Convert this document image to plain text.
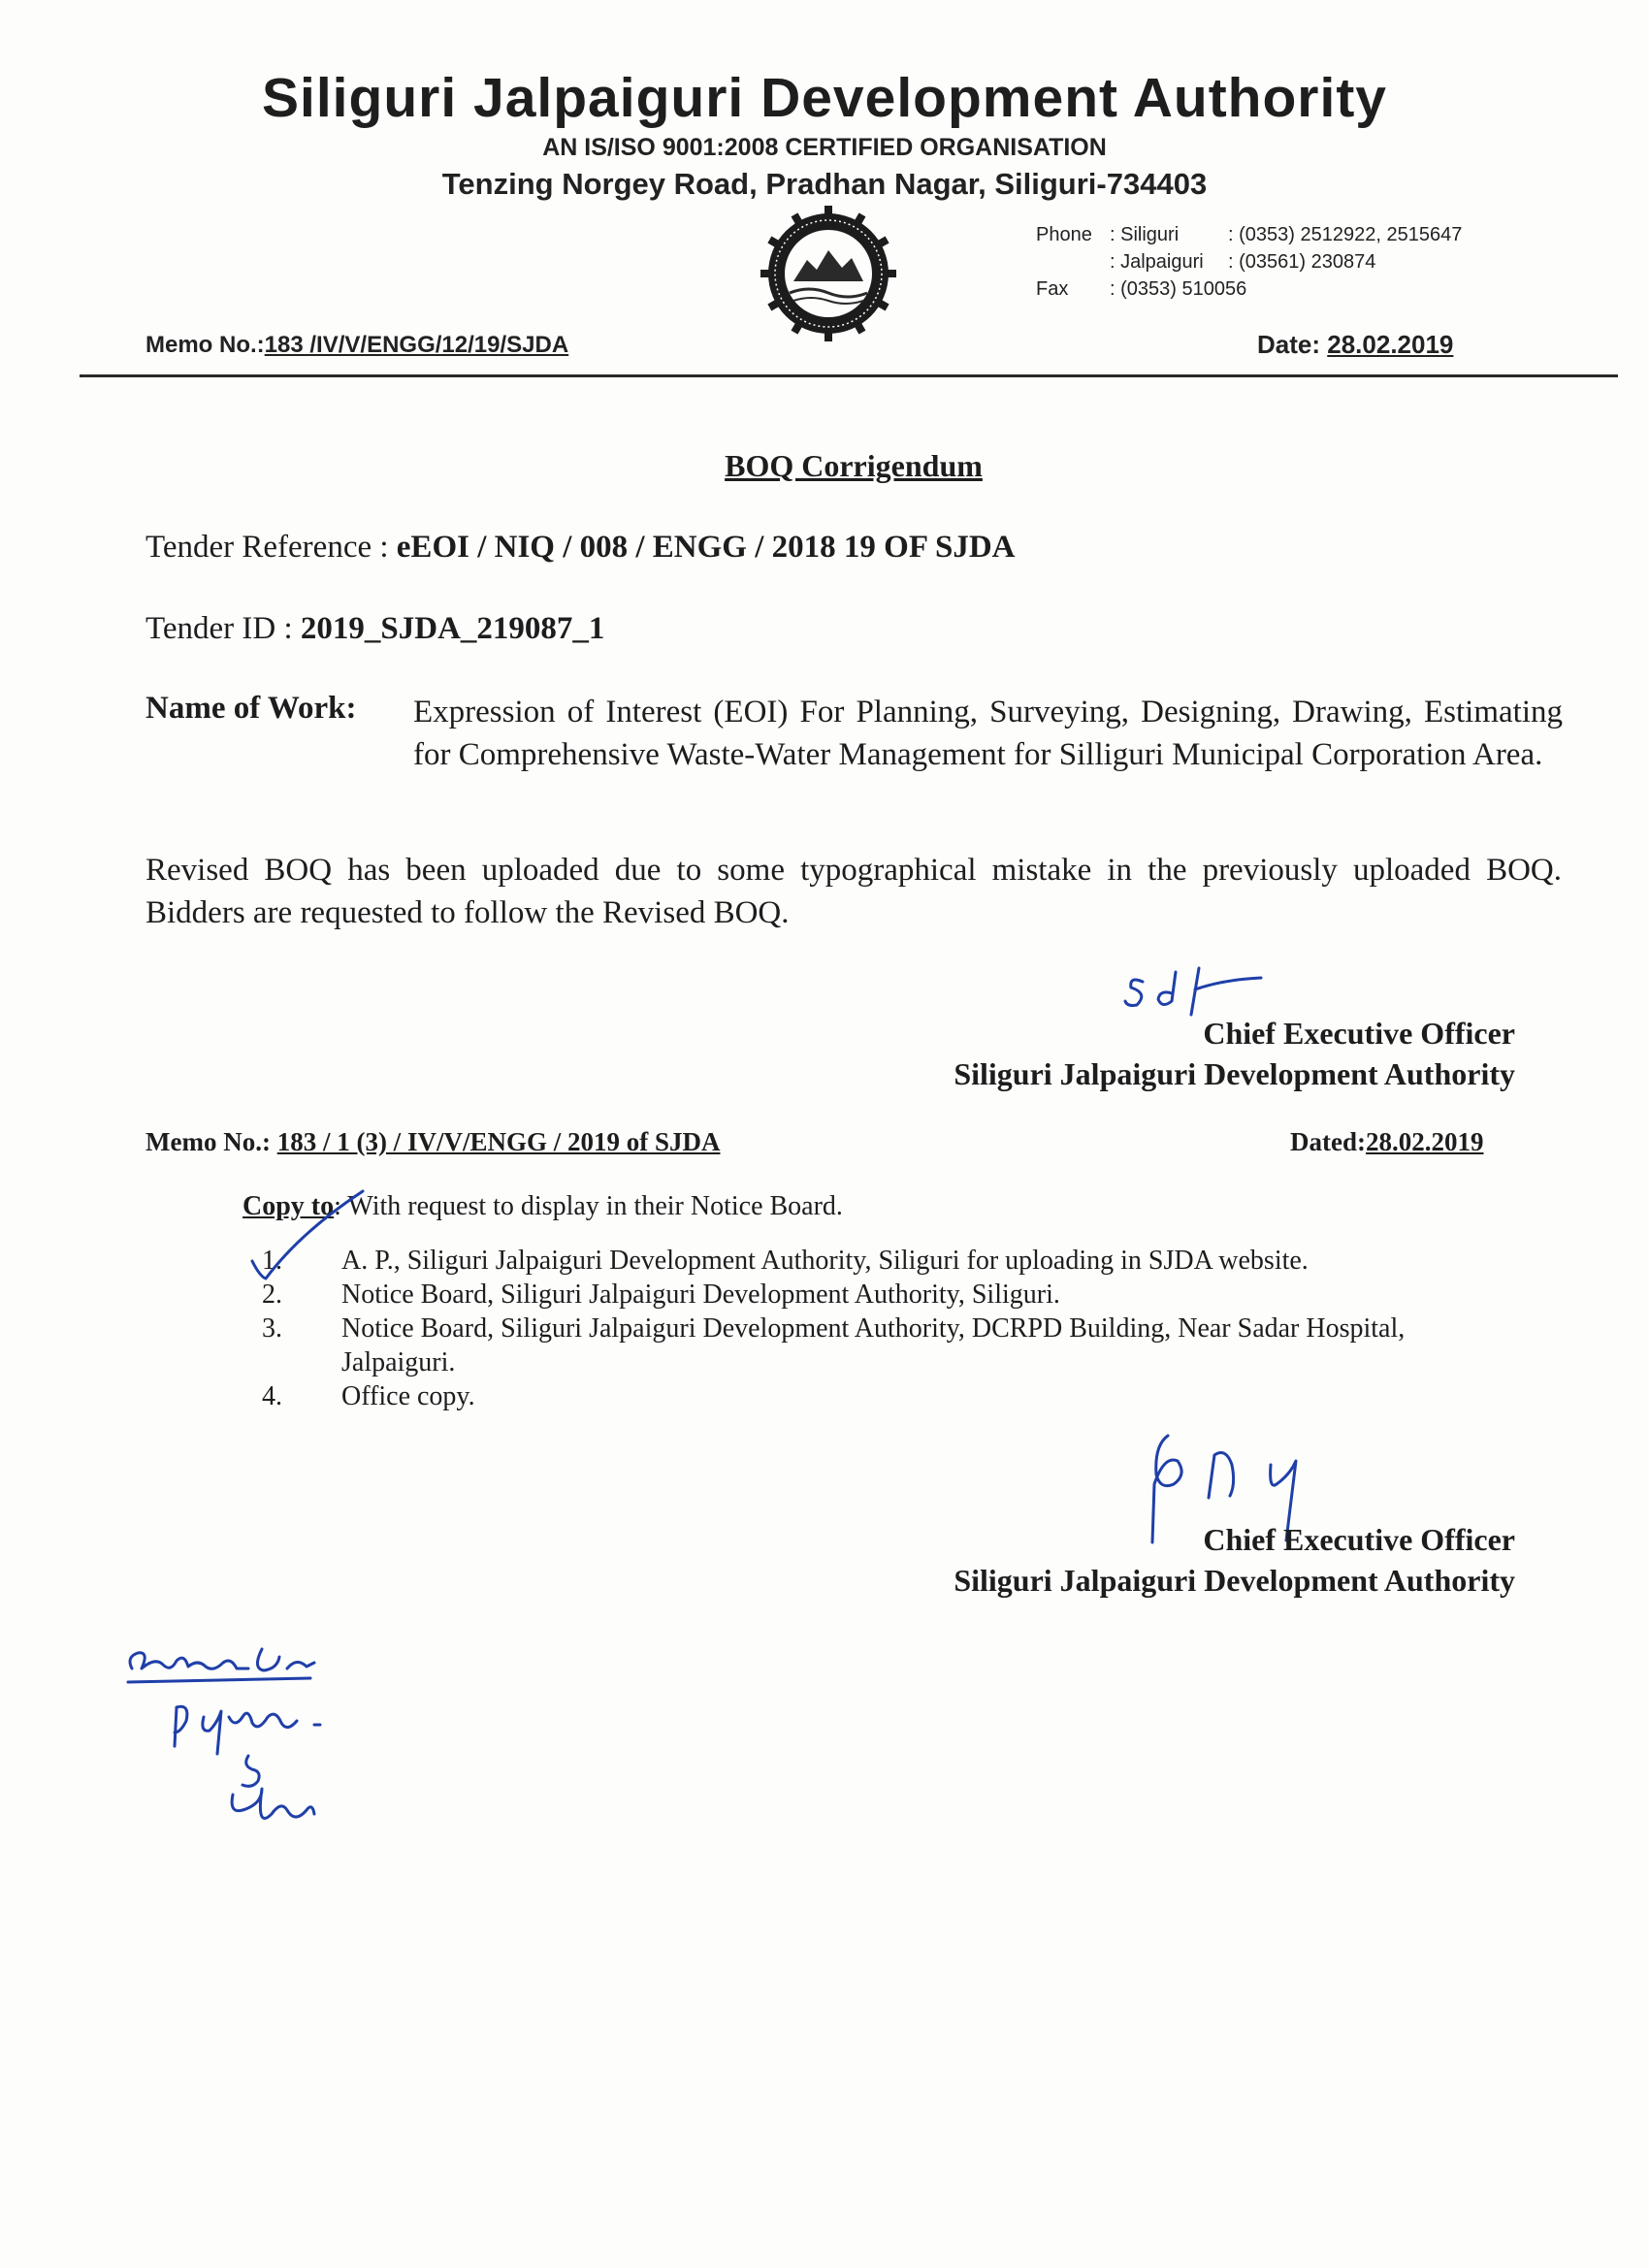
Siliguri Jalpaiguri Development Authority
AN IS/ISO 9001:2008 CERTIFIED ORGANISATION
Tenzing Norgey Road, Pradhan Nagar, Siliguri-734403
Phone : Siliguri	: (0353) 2512922, 2515647
: Jalpaiguri : (03561) 230874
Fax : (0353) 510056
Memo No.:183 /IV/V/ENGG/12/19/SJDA	Date: 28.02.2019
BOQ Corrigendum
Tender Reference : eEOI / NIQ / 008 / ENGG / 2018 19 OF SJDA
Tender ID : 2019_SJDA_219087_1
Name of Work: Expression of Interest (EOI) For Planning, Surveying, Designing, Drawing, Estimating for Comprehensive Waste-Water Management for Silliguri Municipal Corporation Area.
Revised BOQ has been uploaded due to some typographical mistake in the previously uploaded BOQ. Bidders are requested to follow the Revised BOQ.
Chief Executive Officer
Siliguri Jalpaiguri Development Authority
Memo No.: 183 / 1 (3) / IV/V/ENGG / 2019 of SJDA	Dated:28.02.2019
Copy to: With request to display in their Notice Board.
1.	A. P., Siliguri Jalpaiguri Development Authority, Siliguri for uploading in SJDA website.
2.	Notice Board, Siliguri Jalpaiguri Development Authority, Siliguri.
3.	Notice Board, Siliguri Jalpaiguri Development Authority, DCRPD Building, Near Sadar Hospital, Jalpaiguri.
4.	Office copy.
Chief Executive Officer
Siliguri Jalpaiguri Development Authority
